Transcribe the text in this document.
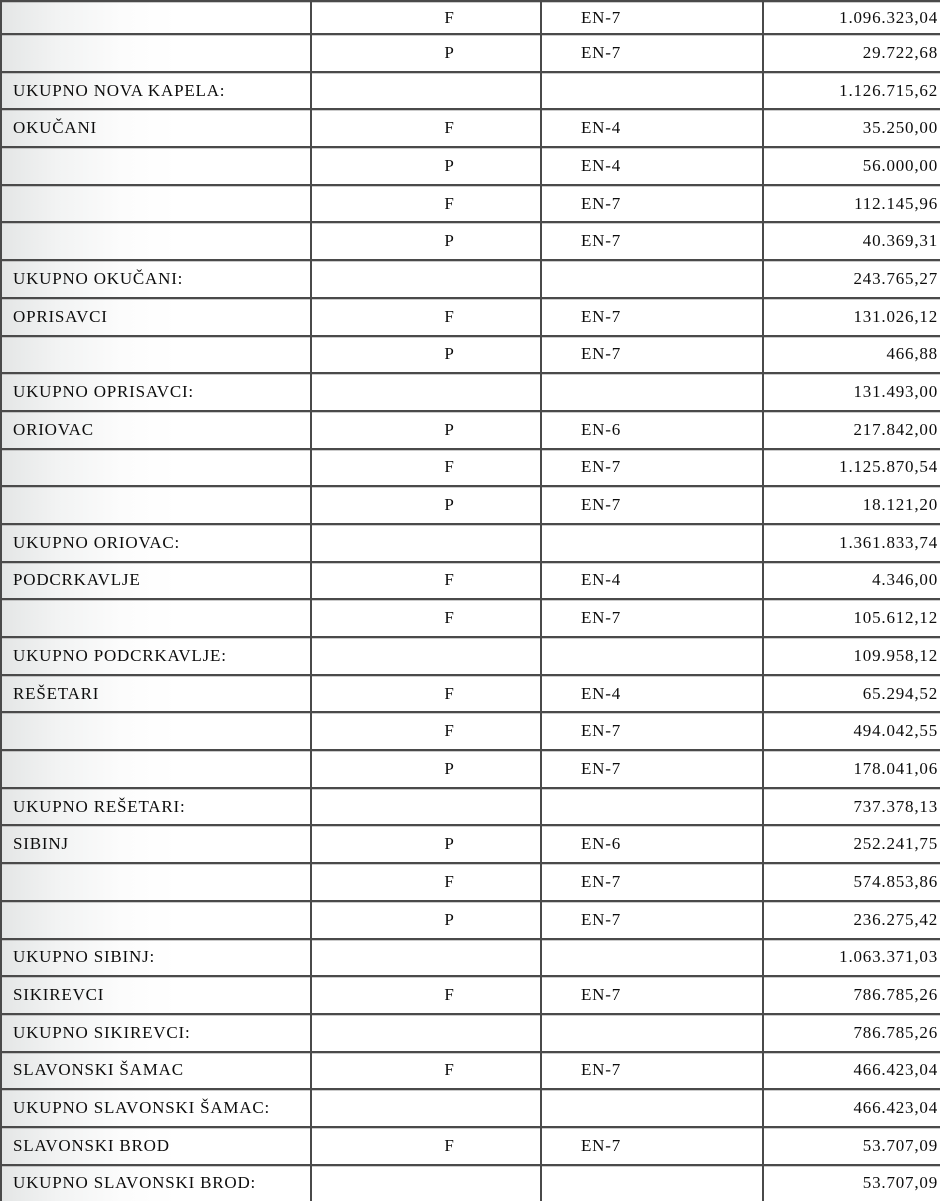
	F	EN-7	1.096.323,04
	P	EN-7	29.722,68
UKUPNO NOVA KAPELA:			1.126.715,62
OKUČANI	F	EN-4	35.250,00
	P	EN-4	56.000,00
	F	EN-7	112.145,96
	P	EN-7	40.369,31
UKUPNO OKUČANI:			243.765,27
OPRISAVCI	F	EN-7	131.026,12
	P	EN-7	466,88
UKUPNO OPRISAVCI:			131.493,00
ORIOVAC	P	EN-6	217.842,00
	F	EN-7	1.125.870,54
	P	EN-7	18.121,20
UKUPNO ORIOVAC:			1.361.833,74
PODCRKAVLJE	F	EN-4	4.346,00
	F	EN-7	105.612,12
UKUPNO PODCRKAVLJE:			109.958,12
REŠETARI	F	EN-4	65.294,52
	F	EN-7	494.042,55
	P	EN-7	178.041,06
UKUPNO REŠETARI:			737.378,13
SIBINJ	P	EN-6	252.241,75
	F	EN-7	574.853,86
	P	EN-7	236.275,42
UKUPNO SIBINJ:			1.063.371,03
SIKIREVCI	F	EN-7	786.785,26
UKUPNO SIKIREVCI:			786.785,26
SLAVONSKI ŠAMAC	F	EN-7	466.423,04
UKUPNO SLAVONSKI ŠAMAC:			466.423,04
SLAVONSKI BROD	F	EN-7	53.707,09
UKUPNO SLAVONSKI BROD:			53.707,09
